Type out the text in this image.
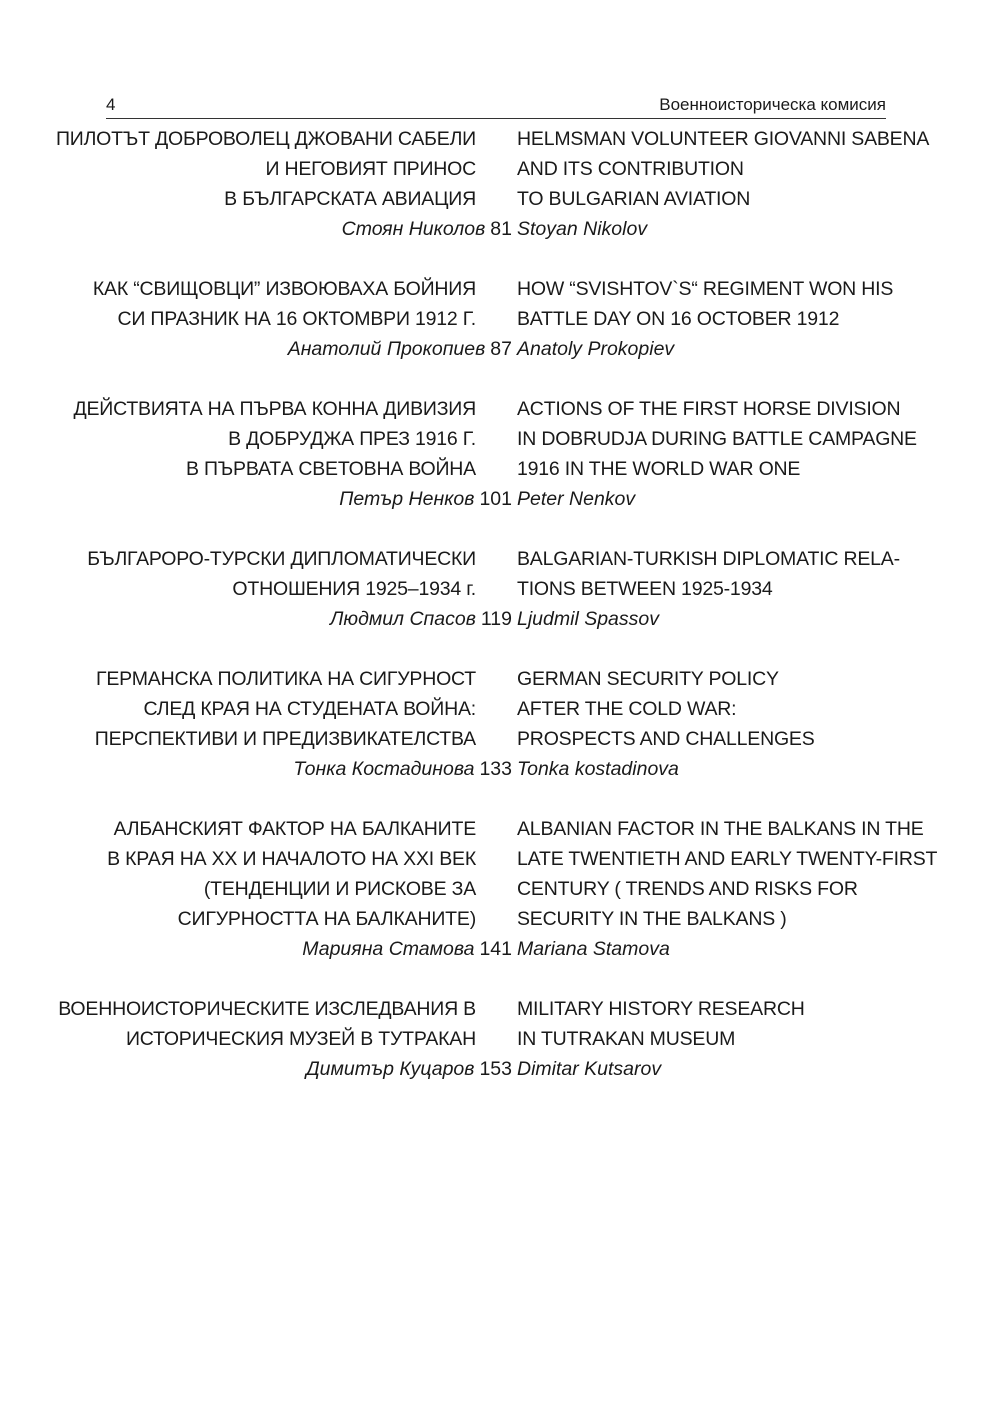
4	Военноисторическа комисия
ПИЛОТЪТ ДОБРОВОЛЕЦ ДЖОВАНИ САБЕЛИ HELMSMAN VOLUNTEER GIOVANNI SABENA
И НЕГОВИЯТ ПРИНОС AND ITS CONTRIBUTION
В БЪЛГАРСКАТА АВИАЦИЯ TO BULGARIAN AVIATION
Стоян Николов 81 Stoyan Nikolov
КАК “СВИЩОВЦИ” ИЗВОЮВАХА БОЙНИЯ HOW “SVISHTOV`S“ REGIMENT WON HIS
СИ ПРАЗНИК НА 16 ОКТОМВРИ 1912 Г. BATTLE DAY ON 16 OCTOBER 1912
Анатолий Прокопиев 87 Anatoly Prokopiev
ДЕЙСТВИЯТА НА ПЪРВА КОННА ДИВИЗИЯ ACTIONS OF THE FIRST HORSE DIVISION
В ДОБРУДЖА ПРЕЗ 1916 Г. IN DOBRUDJA DURING BATTLE CAMPAGNE
В ПЪРВАТА СВЕТОВНА ВОЙНА 1916 IN THE WORLD WAR ONE
Петър Ненков 101 Peter Nenkov
БЪЛГАРОРО-ТУРСКИ ДИПЛОМАТИЧЕСКИ BALGARIAN-TURKISH DIPLOMATIC RELA-
ОТНОШЕНИЯ 1925–1934 г. TIONS BETWEEN 1925-1934
Людмил Спасов 119 Ljudmil Spassov
ГЕРМАНСКА ПОЛИТИКА НА СИГУРНОСТ GERMAN SECURITY POLICY
СЛЕД КРАЯ НА СТУДЕНАТА ВОЙНА: AFTER THE COLD WAR:
ПЕРСПЕКТИВИ И ПРЕДИЗВИКАТЕЛСТВА PROSPECTS AND CHALLENGES
Тонка Костадинова 133 Tonka kostadinova
АЛБАНСКИЯТ ФАКТОР НА БАЛКАНИТЕ ALBANIAN FACTOR IN THE BALKANS IN THE
В КРАЯ НА XX И НАЧАЛОТО НА XXI ВЕК LATE TWENTIETH AND EARLY TWENTY-FIRST
(ТЕНДЕНЦИИ И РИСКОВЕ ЗА CENTURY ( TRENDS AND RISKS FOR
СИГУРНОСТТА НА БАЛКАНИТЕ) SECURITY IN THE BALKANS )
Марияна Стамова 141 Mariana Stamova
ВОЕННОИСТОРИЧЕСКИТЕ ИЗСЛЕДВАНИЯ В MILITARY HISTORY RESEARCH
ИСТОРИЧЕСКИЯ МУЗЕЙ В ТУТРАКАН IN TUTRAKAN MUSEUM
Димитър Куцаров 153 Dimitar Kutsarov
